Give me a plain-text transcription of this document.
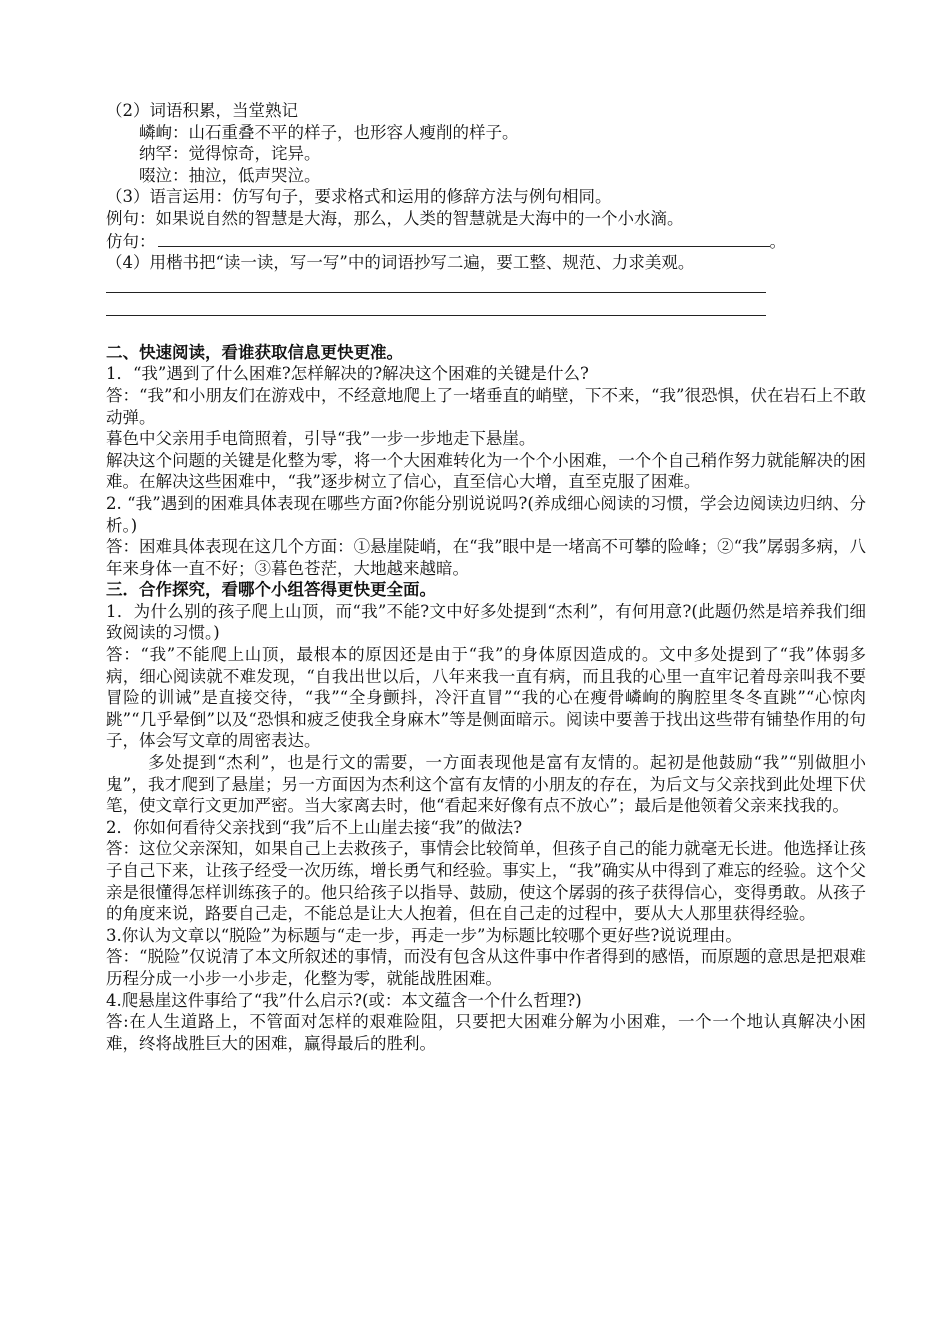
（2）词语积累，当堂熟记
嶙峋：山石重叠不平的样子，也形容人瘦削的样子。
纳罕：觉得惊奇，诧异。
啜泣：抽泣，低声哭泣。
（3）语言运用：仿写句子，要求格式和运用的修辞方法与例句相同。
例句：如果说自然的智慧是大海，那么，人类的智慧就是大海中的一个小水滴。
仿句：	。
（4）用楷书把“读一读，写一写”中的词语抄写二遍，要工整、规范、力求美观。
二、快速阅读，看谁获取信息更快更准。
1．“我”遇到了什么困难?怎样解决的?解决这个困难的关键是什么?
答：“我”和小朋友们在游戏中，不经意地爬上了一堵垂直的峭壁，下不来，“我”很恐惧，伏在岩石上不敢动弹。
暮色中父亲用手电筒照着，引导“我”一步一步地走下悬崖。
解决这个问题的关键是化整为零，将一个大困难转化为一个个小困难，一个个自己稍作努力就能解决的困难。在解决这些困难中，“我”逐步树立了信心，直至信心大增，直至克服了困难。
2. “我”遇到的困难具体表现在哪些方面?你能分别说说吗?(养成细心阅读的习惯，学会边阅读边归纳、分析。)
答：困难具体表现在这几个方面：①悬崖陡峭，在“我”眼中是一堵高不可攀的险峰；②“我”孱弱多病，八年来身体一直不好；③暮色苍茫，大地越来越暗。
三．合作探究，看哪个小组答得更快更全面。
1．为什么别的孩子爬上山顶，而“我”不能?文中好多处提到“杰利”，有何用意?(此题仍然是培养我们细致阅读的习惯。)
答：“我”不能爬上山顶，最根本的原因还是由于“我”的身体原因造成的。文中多处提到了“我”体弱多病，细心阅读就不难发现，“自我出世以后，八年来我一直有病，而且我的心里一直牢记着母亲叫我不要冒险的训诫”是直接交待，“我”“全身颤抖，冷汗直冒”“我的心在瘦骨嶙峋的胸腔里冬冬直跳”“心惊肉跳”“几乎晕倒”以及“恐惧和疲乏使我全身麻木”等是侧面暗示。阅读中要善于找出这些带有铺垫作用的句子，体会写文章的周密表达。
多处提到“杰利”，也是行文的需要，一方面表现他是富有友情的。起初是他鼓励“我”“别做胆小鬼”，我才爬到了悬崖；另一方面因为杰利这个富有友情的小朋友的存在，为后文与父亲找到此处埋下伏笔，使文章行文更加严密。当大家离去时，他“看起来好像有点不放心”；最后是他领着父亲来找我的。
2．你如何看待父亲找到“我”后不上山崖去接“我”的做法?
答：这位父亲深知，如果自己上去救孩子，事情会比较简单，但孩子自己的能力就毫无长进。他选择让孩子自己下来，让孩子经受一次历练，增长勇气和经验。事实上，“我”确实从中得到了难忘的经验。这个父亲是很懂得怎样训练孩子的。他只给孩子以指导、鼓励，使这个孱弱的孩子获得信心，变得勇敢。从孩子的角度来说，路要自己走，不能总是让大人抱着，但在自己走的过程中，要从大人那里获得经验。
3.你认为文章以“脱险”为标题与“走一步，再走一步”为标题比较哪个更好些?说说理由。
答：“脱险”仅说清了本文所叙述的事情，而没有包含从这件事中作者得到的感悟，而原题的意思是把艰难历程分成一小步一小步走，化整为零，就能战胜困难。
4.爬悬崖这件事给了“我”什么启示?(或：本文蕴含一个什么哲理?)
答:在人生道路上，不管面对怎样的艰难险阻，只要把大困难分解为小困难，一个一个地认真解决小困难，终将战胜巨大的困难，赢得最后的胜利。
